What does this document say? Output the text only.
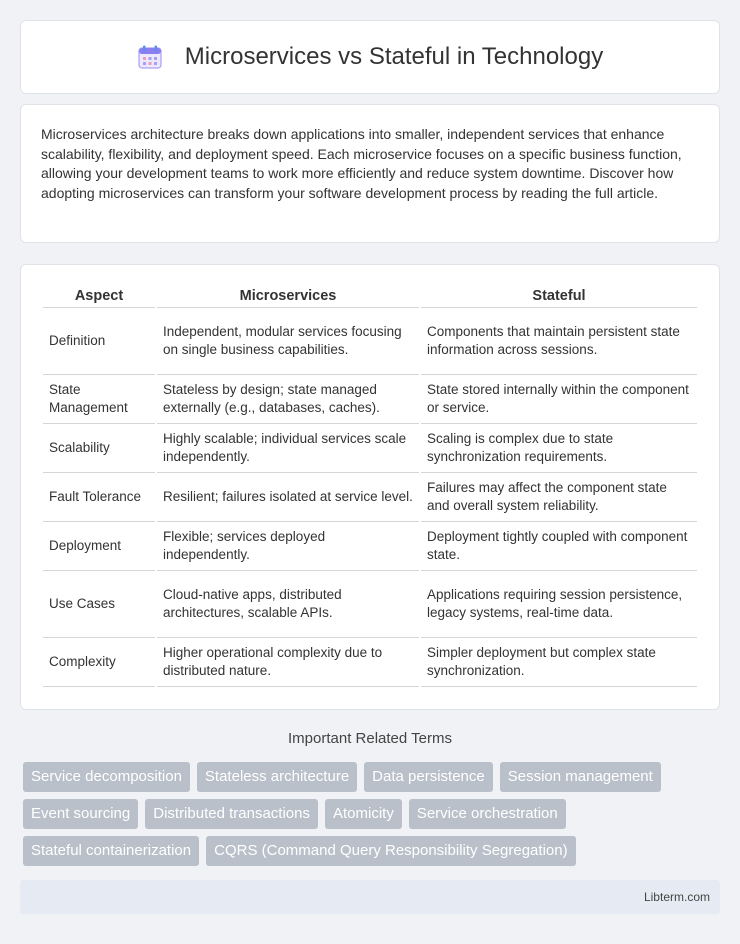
Microservices vs Stateful in Technology

Microservices architecture breaks down applications into smaller, independent services that enhance scalability, flexibility, and deployment speed. Each microservice focuses on a specific business function, allowing your development teams to work more efficiently and reduce system downtime. Discover how adopting microservices can transform your software development process by reading the full article.

Aspect	Microservices	Stateful
Definition	Independent, modular services focusing on single business capabilities.	Components that maintain persistent state information across sessions.
State Management	Stateless by design; state managed externally (e.g., databases, caches).	State stored internally within the component or service.
Scalability	Highly scalable; individual services scale independently.	Scaling is complex due to state synchronization requirements.
Fault Tolerance	Resilient; failures isolated at service level.	Failures may affect the component state and overall system reliability.
Deployment	Flexible; services deployed independently.	Deployment tightly coupled with component state.
Use Cases	Cloud-native apps, distributed architectures, scalable APIs.	Applications requiring session persistence, legacy systems, real-time data.
Complexity	Higher operational complexity due to distributed nature.	Simpler deployment but complex state synchronization.
Important Related Terms
Service decomposition	Stateless architecture	Data persistence	Session management
Event sourcing	Distributed transactions	Atomicity	Service orchestration
Stateful containerization	CQRS (Command Query Responsibility Segregation)
Libterm.com
